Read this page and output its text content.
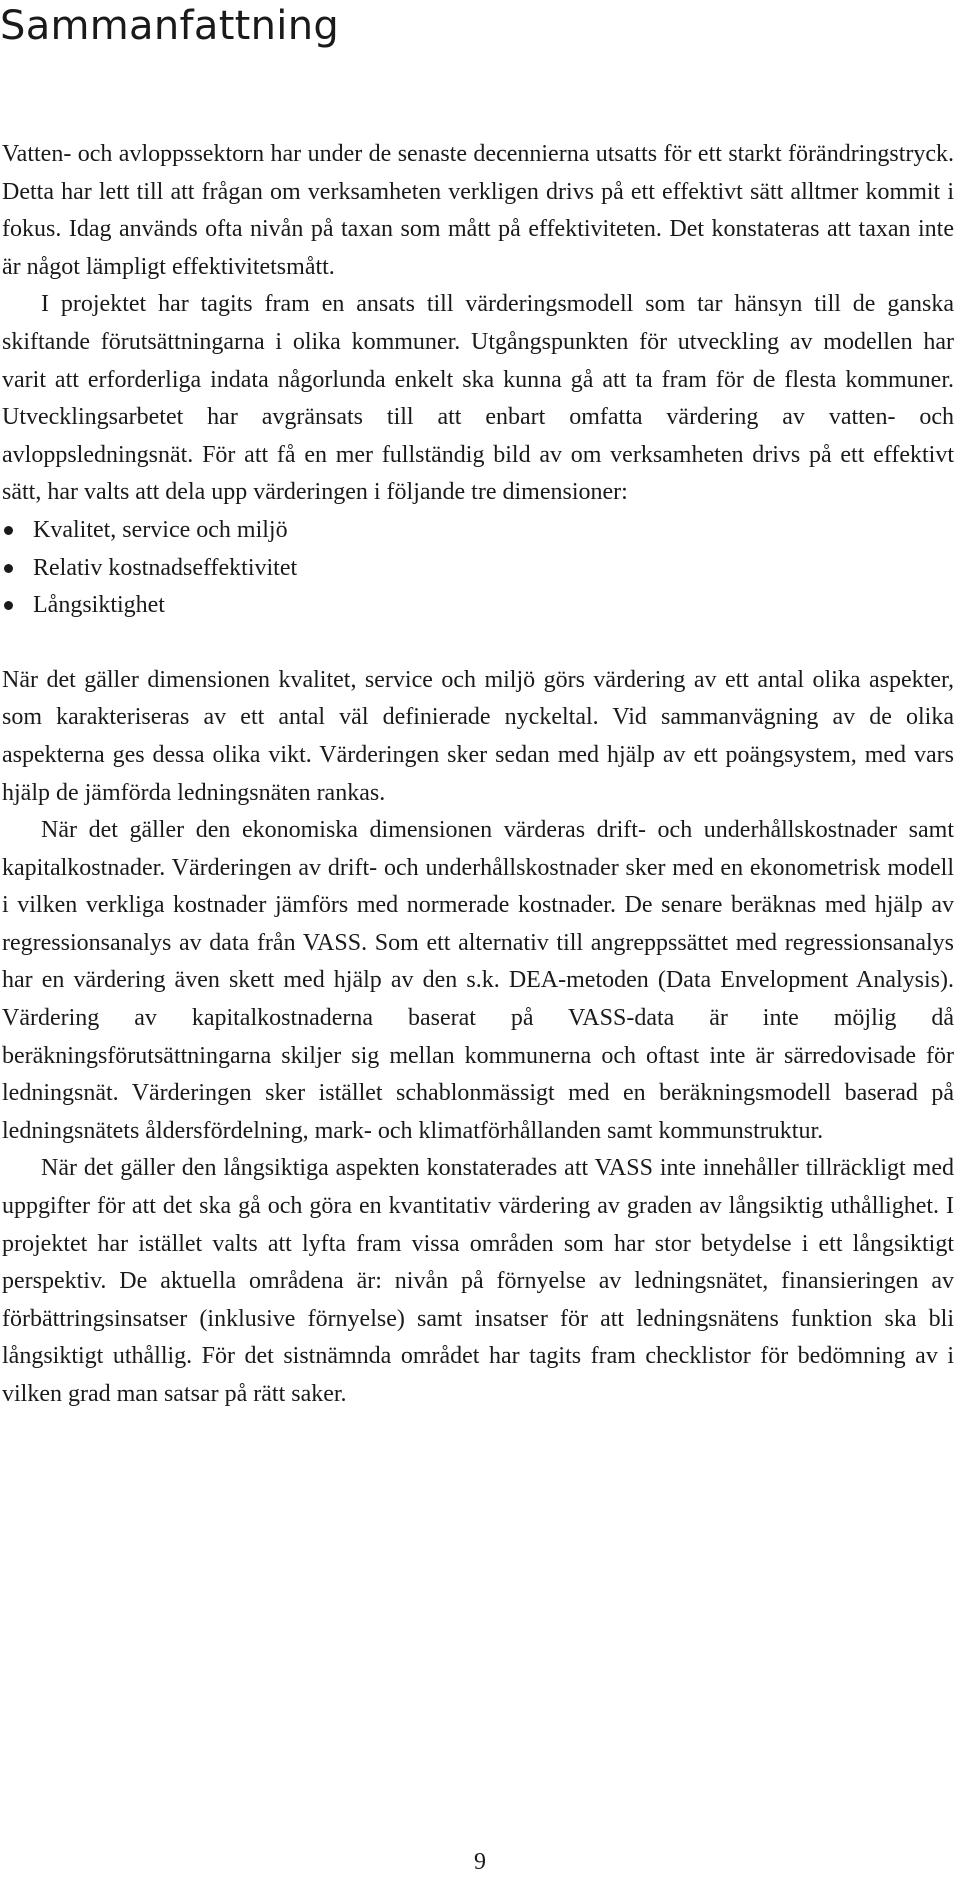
Sammanfattning

Vatten- och avloppssektorn har under de senaste decennierna utsatts för ett starkt förändringstryck. Detta har lett till att frågan om verksamheten verkligen drivs på ett effektivt sätt alltmer kommit i fokus. Idag används ofta nivån på taxan som mått på effektiviteten. Det konstateras att taxan inte är något lämpligt effektivitetsmått.

I projektet har tagits fram en ansats till värderingsmodell som tar hänsyn till de ganska skiftande förutsättningarna i olika kommuner. Utgångspunkten för utveckling av modellen har varit att erforderliga indata någorlunda enkelt ska kunna gå att ta fram för de flesta kommuner. Utvecklingsarbetet har avgränsats till att enbart omfatta värdering av vatten- och avloppsledningsnät. För att få en mer fullständig bild av om verksamheten drivs på ett effektivt sätt, har valts att dela upp värderingen i följande tre dimensioner:

Kvalitet, service och miljö
Relativ kostnadseffektivitet
Långsiktighet

När det gäller dimensionen kvalitet, service och miljö görs värdering av ett antal olika aspekter, som karakteriseras av ett antal väl definierade nyckeltal. Vid sammanvägning av de olika aspekterna ges dessa olika vikt. Värderingen sker sedan med hjälp av ett poängsystem, med vars hjälp de jämförda ledningsnäten rankas.

När det gäller den ekonomiska dimensionen värderas drift- och underhållskostnader samt kapitalkostnader. Värderingen av drift- och underhållskostnader sker med en ekonometrisk modell i vilken verkliga kostnader jämförs med normerade kostnader. De senare beräknas med hjälp av regressionsanalys av data från VASS. Som ett alternativ till angreppssättet med regressionsanalys har en värdering även skett med hjälp av den s.k. DEA-metoden (Data Envelopment Analysis). Värdering av kapitalkostnaderna baserat på VASS-data är inte möjlig då beräkningsförutsättningarna skiljer sig mellan kommunerna och oftast inte är särredovisade för ledningsnät. Värderingen sker istället schablonmässigt med en beräkningsmodell baserad på ledningsnätets åldersfördelning, mark- och klimatförhållanden samt kommunstruktur.

När det gäller den långsiktiga aspekten konstaterades att VASS inte innehåller tillräckligt med uppgifter för att det ska gå och göra en kvantitativ värdering av graden av långsiktig uthållighet. I projektet har istället valts att lyfta fram vissa områden som har stor betydelse i ett långsiktigt perspektiv. De aktuella områdena är: nivån på förnyelse av ledningsnätet, finansieringen av förbättringsinsatser (inklusive förnyelse) samt insatser för att ledningsnätens funktion ska bli långsiktigt uthållig. För det sistnämnda området har tagits fram checklistor för bedömning av i vilken grad man satsar på rätt saker.

9
